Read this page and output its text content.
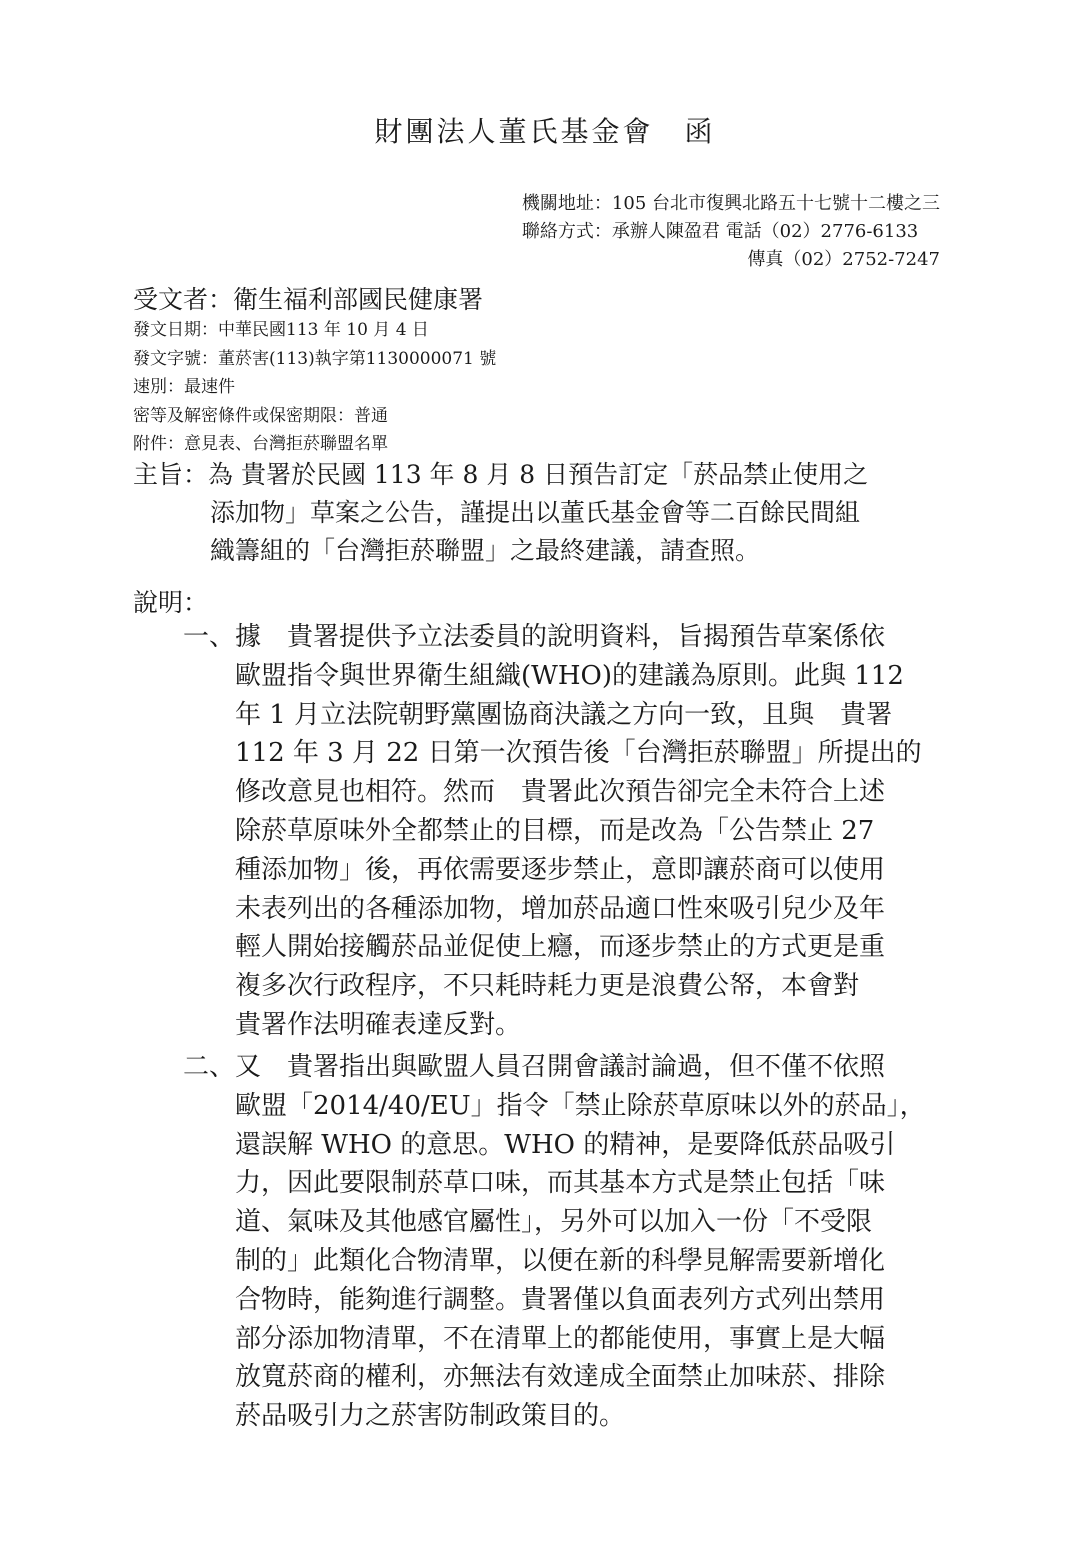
財團法人董氏基金會　函
機關地址：105 台北市復興北路五十七號十二樓之三
聯絡方式：承辦人陳盈君 電話（02）2776-6133
傳真（02）2752-7247
受文者：衛生福利部國民健康署
發文日期：中華民國113 年 10 月 4 日
發文字號：董菸害(113)執字第1130000071 號
速別：最速件
密等及解密條件或保密期限：普通
附件：意見表、台灣拒菸聯盟名單
主旨：為 貴署於民國 113 年 8 月 8 日預告訂定「菸品禁止使用之
添加物」草案之公告，謹提出以董氏基金會等二百餘民間組
織籌組的「台灣拒菸聯盟」之最終建議，請查照。
說明：
一、據　貴署提供予立法委員的說明資料，旨揭預告草案係依
歐盟指令與世界衛生組織(WHO)的建議為原則。此與 112
年 1 月立法院朝野黨團協商決議之方向一致，且與　貴署
112 年 3 月 22 日第一次預告後「台灣拒菸聯盟」所提出的
修改意見也相符。然而　貴署此次預告卻完全未符合上述
除菸草原味外全都禁止的目標，而是改為「公告禁止 27
種添加物」後，再依需要逐步禁止，意即讓菸商可以使用
未表列出的各種添加物，增加菸品適口性來吸引兒少及年
輕人開始接觸菸品並促使上癮，而逐步禁止的方式更是重
複多次行政程序，不只耗時耗力更是浪費公帑，本會對
貴署作法明確表達反對。
二、又　貴署指出與歐盟人員召開會議討論過，但不僅不依照
歐盟「2014/40/EU」指令「禁止除菸草原味以外的菸品」，
還誤解 WHO 的意思。WHO 的精神，是要降低菸品吸引
力，因此要限制菸草口味，而其基本方式是禁止包括「味
道、氣味及其他感官屬性」，另外可以加入一份「不受限
制的」此類化合物清單，以便在新的科學見解需要新增化
合物時，能夠進行調整。貴署僅以負面表列方式列出禁用
部分添加物清單，不在清單上的都能使用，事實上是大幅
放寬菸商的權利，亦無法有效達成全面禁止加味菸、排除
菸品吸引力之菸害防制政策目的。
